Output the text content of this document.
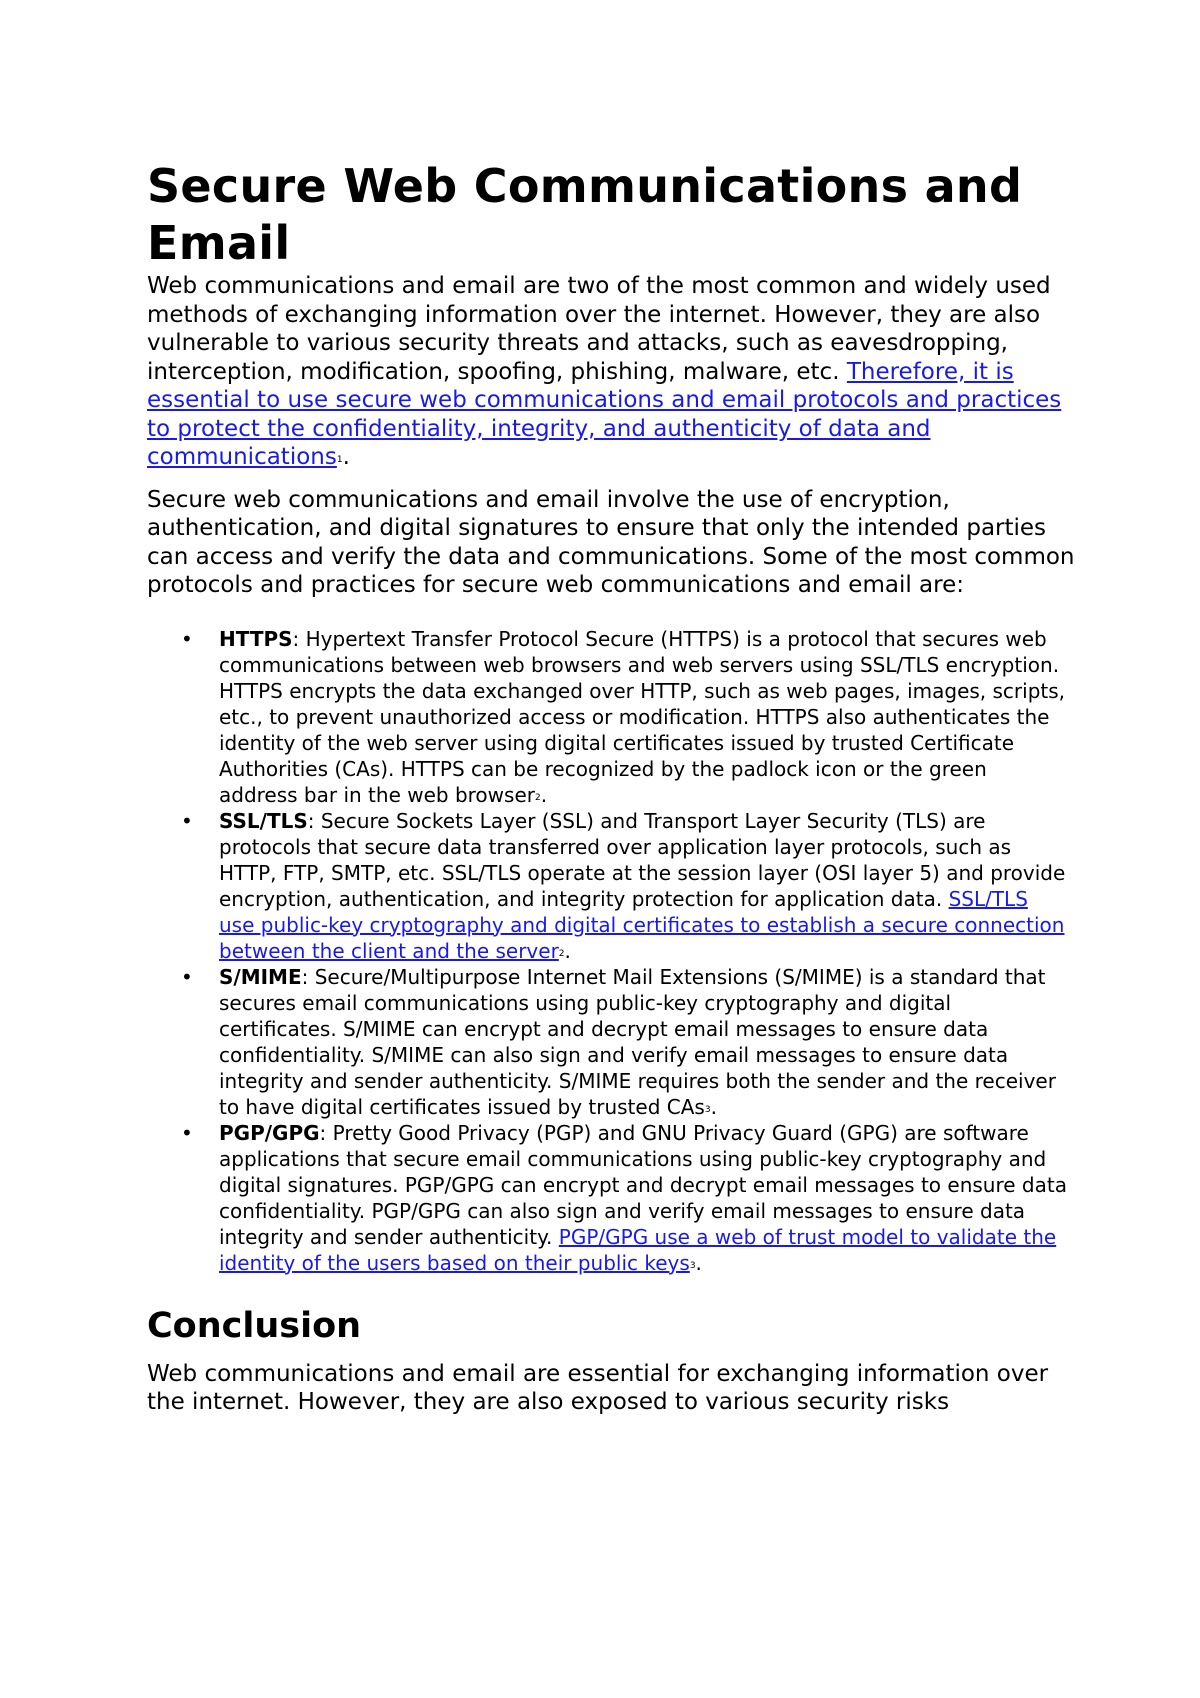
Secure Web Communications and Email

Web communications and email are two of the most common and widely used methods of exchanging information over the internet. However, they are also vulnerable to various security threats and attacks, such as eavesdropping, interception, modification, spoofing, phishing, malware, etc. Therefore, it is essential to use secure web communications and email protocols and practices to protect the confidentiality, integrity, and authenticity of data and communications$^1$.

Secure web communications and email involve the use of encryption, authentication, and digital signatures to ensure that only the intended parties can access and verify the data and communications. Some of the most common protocols and practices for secure web communications and email are:

• HTTPS: Hypertext Transfer Protocol Secure (HTTPS) is a protocol that secures web communications between web browsers and web servers using SSL/TLS encryption. HTTPS encrypts the data exchanged over HTTP, such as web pages, images, scripts, etc., to prevent unauthorized access or modification. HTTPS also authenticates the identity of the web server using digital certificates issued by trusted Certificate Authorities (CAs). HTTPS can be recognized by the padlock icon or the green address bar in the web browser$^2$.
• SSL/TLS: Secure Sockets Layer (SSL) and Transport Layer Security (TLS) are protocols that secure data transferred over application layer protocols, such as HTTP, FTP, SMTP, etc. SSL/TLS operate at the session layer (OSI layer 5) and provide encryption, authentication, and integrity protection for application data. SSL/TLS use public-key cryptography and digital certificates to establish a secure connection between the client and the server$^2$.
• S/MIME: Secure/Multipurpose Internet Mail Extensions (S/MIME) is a standard that secures email communications using public-key cryptography and digital certificates. S/MIME can encrypt and decrypt email messages to ensure data confidentiality. S/MIME can also sign and verify email messages to ensure data integrity and sender authenticity. S/MIME requires both the sender and the receiver to have digital certificates issued by trusted CAs$^3$.
• PGP/GPG: Pretty Good Privacy (PGP) and GNU Privacy Guard (GPG) are software applications that secure email communications using public-key cryptography and digital signatures. PGP/GPG can encrypt and decrypt email messages to ensure data confidentiality. PGP/GPG can also sign and verify email messages to ensure data integrity and sender authenticity. PGP/GPG use a web of trust model to validate the identity of the users based on their public keys$^3$.
Conclusion

Web communications and email are essential for exchanging information over the internet. However, they are also exposed to various security risks
